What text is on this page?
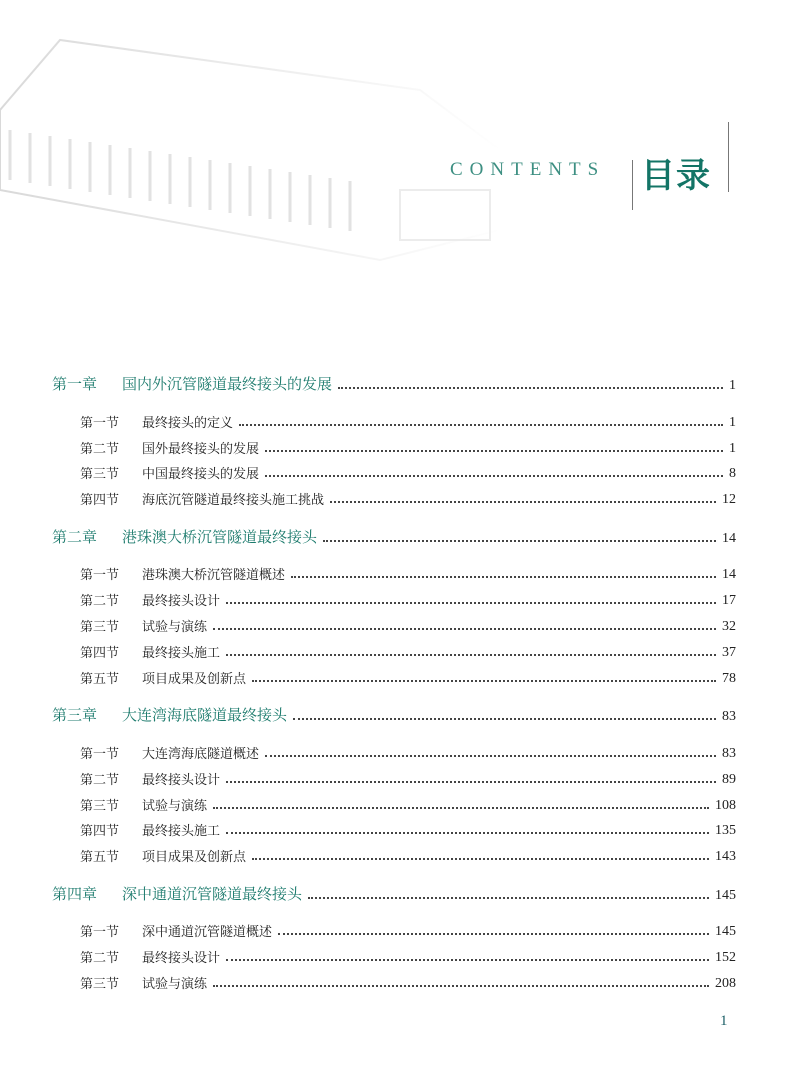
CONTENTS 目录
第一章	国内外沉管隧道最终接头的发展	1
第一节	最终接头的定义	1
第二节	国外最终接头的发展	1
第三节	中国最终接头的发展	8
第四节	海底沉管隧道最终接头施工挑战	12
第二章	港珠澳大桥沉管隧道最终接头	14
第一节	港珠澳大桥沉管隧道概述	14
第二节	最终接头设计	17
第三节	试验与演练	32
第四节	最终接头施工	37
第五节	项目成果及创新点	78
第三章	大连湾海底隧道最终接头	83
第一节	大连湾海底隧道概述	83
第二节	最终接头设计	89
第三节	试验与演练	108
第四节	最终接头施工	135
第五节	项目成果及创新点	143
第四章	深中通道沉管隧道最终接头	145
第一节	深中通道沉管隧道概述	145
第二节	最终接头设计	152
第三节	试验与演练	208
1
